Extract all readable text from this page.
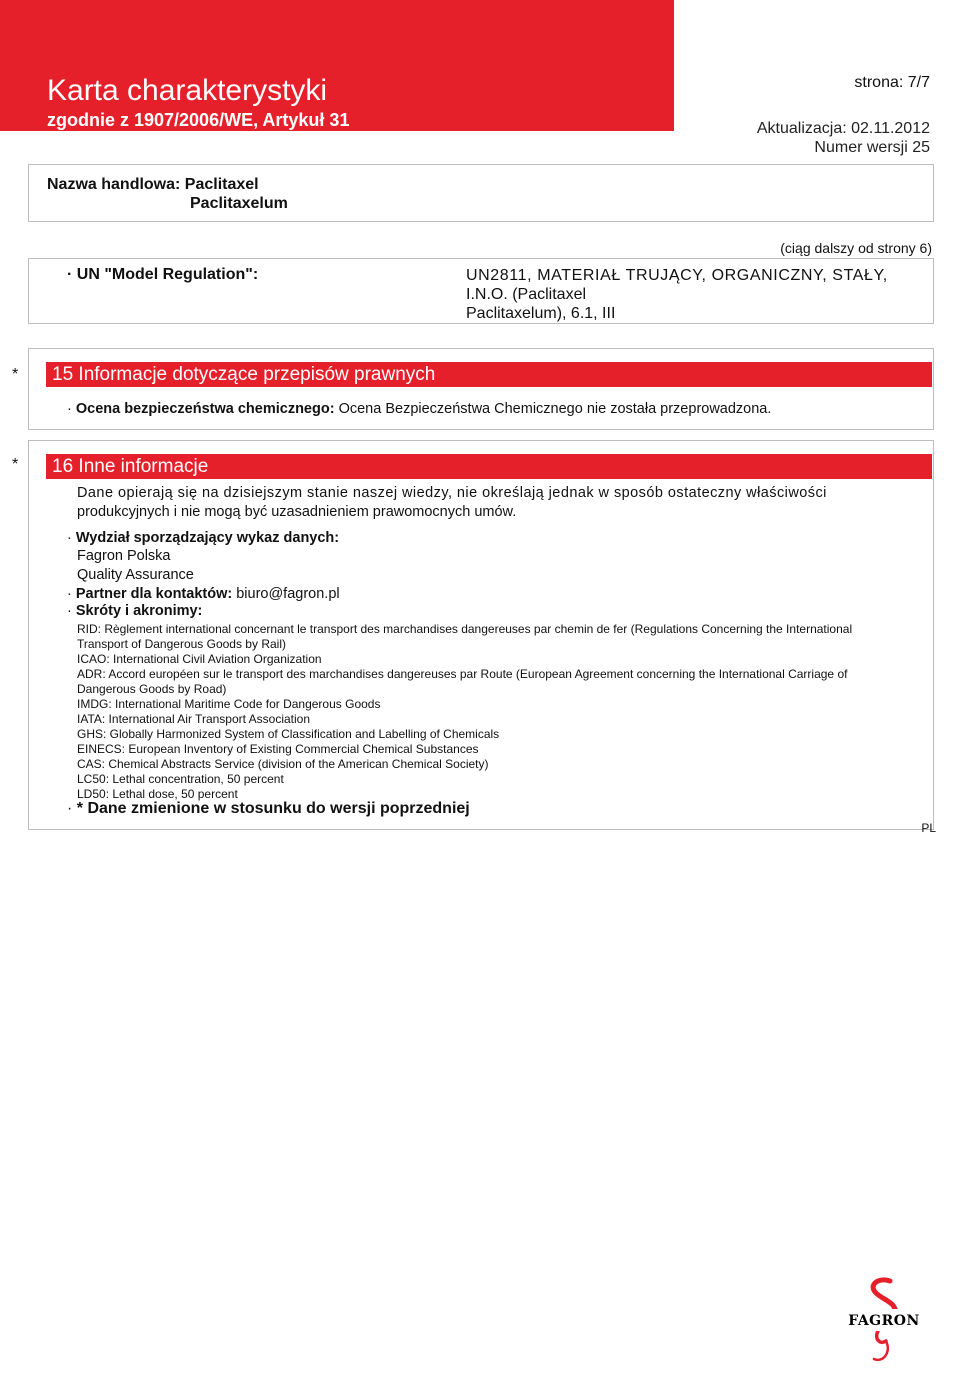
Karta charakterystyki
zgodnie z 1907/2006/WE, Artykuł 31
strona: 7/7
Data druku: 02.11.2012
Aktualizacja: 02.11.2012
Numer wersji 25
Nazwa handlowa: Paclitaxel
Paclitaxelum
(ciąg dalszy od strony 6)
· UN "Model Regulation":	UN2811, MATERIAŁ TRUJĄCY, ORGANICZNY, STAŁY,
I.N.O. (Paclitaxel
Paclitaxelum), 6.1, III
*	15 Informacje dotyczące przepisów prawnych
· Ocena bezpieczeństwa chemicznego: Ocena Bezpieczeństwa Chemicznego nie została przeprowadzona.
*	16 Inne informacje
Dane opierają się na dzisiejszym stanie naszej wiedzy, nie określają jednak w sposób ostateczny właściwości
produkcyjnych i nie mogą być uzasadnieniem prawomocnych umów.
· Wydział sporządzający wykaz danych:
Fagron Polska
Quality Assurance
· Partner dla kontaktów: biuro@fagron.pl
· Skróty i akronimy:
RID: Règlement international concernant le transport des marchandises dangereuses par chemin de fer (Regulations Concerning the International
Transport of Dangerous Goods by Rail)
ICAO: International Civil Aviation Organization
ADR: Accord européen sur le transport des marchandises dangereuses par Route (European Agreement concerning the International Carriage of
Dangerous Goods by Road)
IMDG: International Maritime Code for Dangerous Goods
IATA: International Air Transport Association
GHS: Globally Harmonized System of Classification and Labelling of Chemicals
EINECS: European Inventory of Existing Commercial Chemical Substances
CAS: Chemical Abstracts Service (division of the American Chemical Society)
LC50: Lethal concentration, 50 percent
LD50: Lethal dose, 50 percent
· * Dane zmienione w stosunku do wersji poprzedniej
PL
FAGRON
